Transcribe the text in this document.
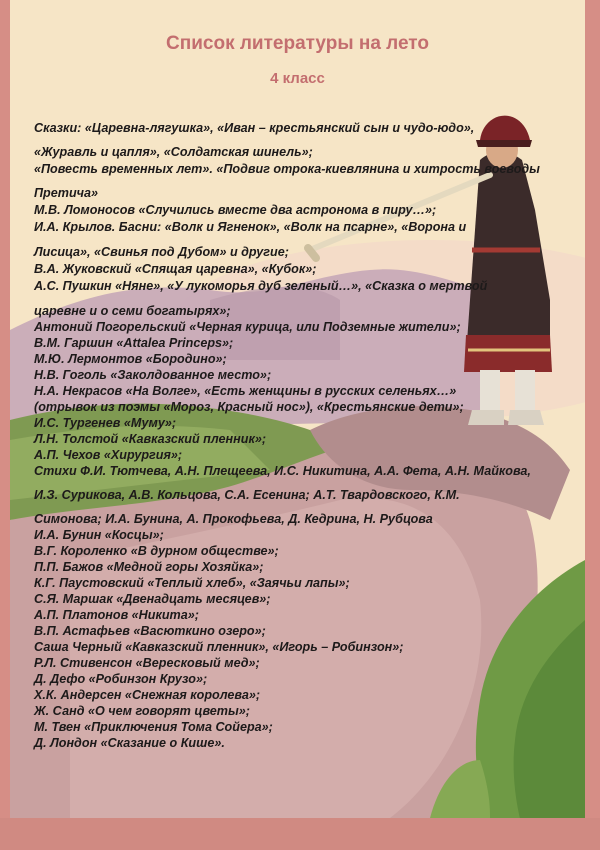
Список литературы на лето
4 класс
Сказки: «Царевна-лягушка», «Иван – крестьянский сын и чудо-юдо»,
«Журавль и цапля», «Солдатская шинель»;
«Повесть временных лет». «Подвиг отрока-киевлянина и хитрость воеводы
Претича»
М.В. Ломоносов «Случились вместе два астронома в пиру…»;
И.А. Крылов. Басни: «Волк и Ягненок», «Волк на псарне», «Ворона и
Лисица», «Свинья под Дубом» и другие;
В.А. Жуковский «Спящая царевна», «Кубок»;
А.С. Пушкин «Няне», «У лукоморья дуб зеленый…», «Сказка о мертвой
царевне и о семи богатырях»;
Антоний Погорельский «Черная курица, или Подземные жители»;
В.М. Гаршин «Attalea Princeps»;
М.Ю. Лермонтов «Бородино»;
Н.В. Гоголь «Заколдованное место»;
Н.А. Некрасов «На Волге», «Есть женщины в русских селеньях…»
(отрывок из поэмы «Мороз, Красный нос»), «Крестьянские дети»;
И.С. Тургенев «Муму»;
Л.Н. Толстой «Кавказский пленник»;
А.П. Чехов «Хирургия»;
Стихи Ф.И. Тютчева, А.Н. Плещеева, И.С. Никитина, А.А. Фета, А.Н. Майкова,
И.З. Сурикова, А.В. Кольцова, С.А. Есенина; А.Т. Твардовского, К.М.
Симонова; И.А. Бунина, А. Прокофьева, Д. Кедрина, Н. Рубцова
И.А. Бунин «Косцы»;
В.Г. Короленко «В дурном обществе»;
П.П. Бажов «Медной горы Хозяйка»;
К.Г. Паустовский «Теплый хлеб», «Заячьи лапы»;
С.Я. Маршак «Двенадцать месяцев»;
А.П. Платонов «Никита»;
В.П. Астафьев «Васюткино озеро»;
Саша Черный «Кавказский пленник», «Игорь – Робинзон»;
Р.Л. Стивенсон «Вересковый мед»;
Д. Дефо «Робинзон Крузо»;
Х.К. Андерсен «Снежная королева»;
Ж. Санд «О чем говорят цветы»;
М. Твен «Приключения Тома Сойера»;
Д. Лондон «Сказание о Кише».
